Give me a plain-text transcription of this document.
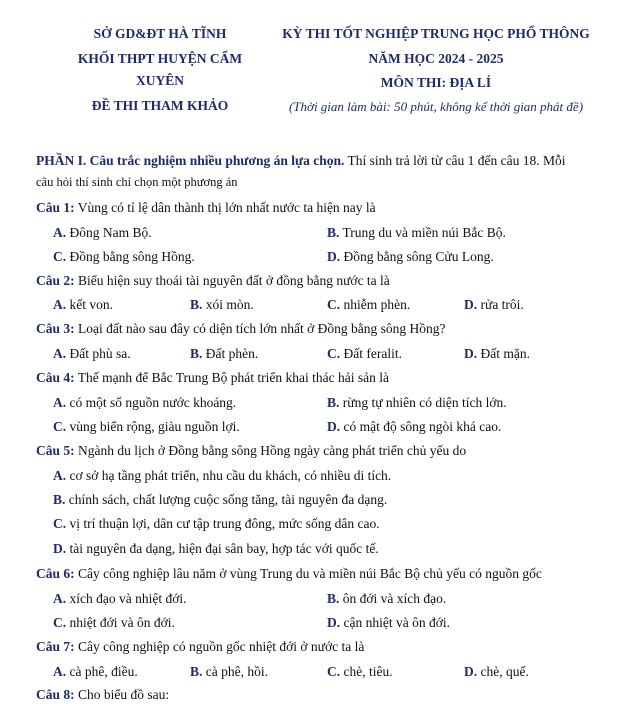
SỞ GD&ĐT HÀ TĨNH
KHỐI THPT HUYỆN CẨM
XUYÊN
ĐỀ THI THAM KHẢO
KỲ THI TỐT NGHIỆP TRUNG HỌC PHỔ THÔNG
NĂM HỌC 2024 - 2025
MÔN THI: ĐỊA LÍ
(Thời gian làm bài: 50 phút, không kể thời gian phát đề)
PHẦN I. Câu trắc nghiệm nhiều phương án lựa chọn. Thí sinh trả lời từ câu 1 đến câu 18. Mỗi
câu hỏi thí sinh chỉ chọn một phương án
Câu 1: Vùng có tỉ lệ dân thành thị lớn nhất nước ta hiện nay là
A. Đông Nam Bộ.	B. Trung du và miền núi Bắc Bộ.
C. Đồng bằng sông Hồng.	D. Đồng bằng sông Cửu Long.
Câu 2: Biểu hiện suy thoái tài nguyên đất ở đồng bằng nước ta là
A. kết von.	B. xói mòn.	C. nhiễm phèn.	D. rửa trôi.
Câu 3: Loại đất nào sau đây có diện tích lớn nhất ở Đồng bằng sông Hồng?
A. Đất phù sa.	B. Đất phèn.	C. Đất feralit.	D. Đất mặn.
Câu 4: Thế mạnh để Bắc Trung Bộ phát triển khai thác hải sản là
A. có một số nguồn nước khoáng.	B. rừng tự nhiên có diện tích lớn.
C. vùng biển rộng, giàu nguồn lợi.	D. có mật độ sông ngòi khá cao.
Câu 5: Ngành du lịch ở Đồng bằng sông Hồng ngày càng phát triển chủ yếu do
A. cơ sở hạ tầng phát triển, nhu cầu du khách, có nhiều di tích.
B. chính sách, chất lượng cuộc sống tăng, tài nguyên đa dạng.
C. vị trí thuận lợi, dân cư tập trung đông, mức sống dân cao.
D. tài nguyên đa dạng, hiện đại sân bay, hợp tác với quốc tế.
Câu 6: Cây công nghiệp lâu năm ở vùng Trung du và miền núi Bắc Bộ chủ yếu có nguồn gốc
A. xích đạo và nhiệt đới.	B. ôn đới và xích đạo.
C. nhiệt đới và ôn đới.	D. cận nhiệt và ôn đới.
Câu 7: Cây công nghiệp có nguồn gốc nhiệt đới ở nước ta là
A. cà phê, điều.	B. cà phê, hồi.	C. chè, tiêu.	D. chè, quế.
Câu 8: Cho biểu đồ sau:
